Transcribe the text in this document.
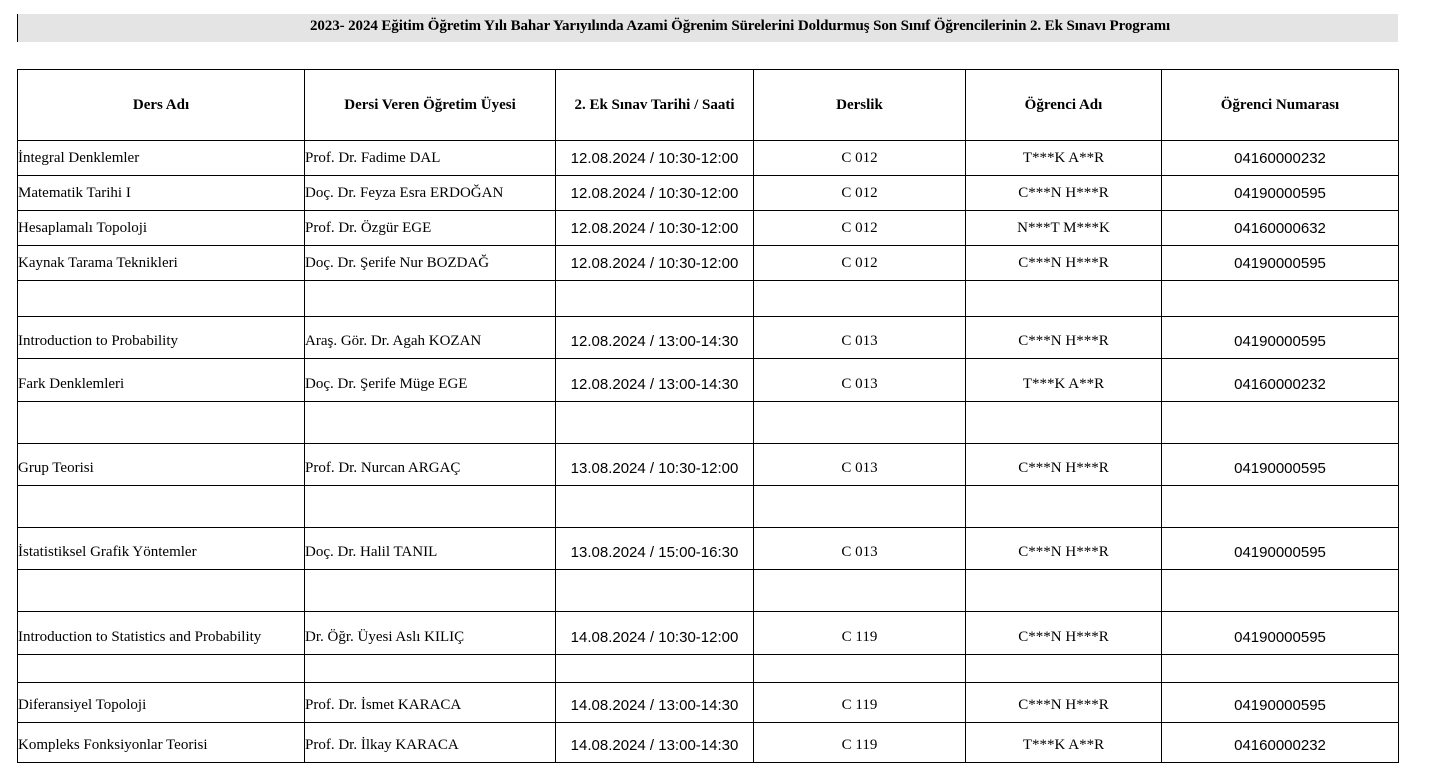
2023- 2024 Eğitim Öğretim Yılı Bahar Yarıyılında Azami Öğrenim Sürelerini Doldurmuş Son Sınıf Öğrencilerinin 2. Ek Sınavı Programı
Ders Adı	Dersi Veren Öğretim Üyesi	2. Ek Sınav Tarihi / Saati	Derslik	Öğrenci Adı	Öğrenci Numarası
İntegral Denklemler	Prof. Dr. Fadime DAL	12.08.2024 / 10:30-12:00	C 012	T***K A**R	04160000232
Matematik Tarihi I	Doç. Dr. Feyza Esra ERDOĞAN	12.08.2024 / 10:30-12:00	C 012	C***N H***R	04190000595
Hesaplamalı Topoloji	Prof. Dr. Özgür EGE	12.08.2024 / 10:30-12:00	C 012	N***T M***K	04160000632
Kaynak Tarama Teknikleri	Doç. Dr. Şerife Nur BOZDAĞ	12.08.2024 / 10:30-12:00	C 012	C***N H***R	04190000595

Introduction to Probability	Araş. Gör. Dr. Agah KOZAN	12.08.2024 / 13:00-14:30	C 013	C***N H***R	04190000595
Fark Denklemleri	Doç. Dr. Şerife Müge EGE	12.08.2024 / 13:00-14:30	C 013	T***K A**R	04160000232

Grup Teorisi	Prof. Dr. Nurcan ARGAÇ	13.08.2024 / 10:30-12:00	C 013	C***N H***R	04190000595

İstatistiksel Grafik Yöntemler	Doç. Dr. Halil TANIL	13.08.2024 / 15:00-16:30	C 013	C***N H***R	04190000595

Introduction to Statistics and Probability	Dr. Öğr. Üyesi Aslı KILIÇ	14.08.2024 / 10:30-12:00	C 119	C***N H***R	04190000595

Diferansiyel Topoloji	Prof. Dr. İsmet KARACA	14.08.2024 / 13:00-14:30	C 119	C***N H***R	04190000595
Kompleks Fonksiyonlar Teorisi	Prof. Dr. İlkay KARACA	14.08.2024 / 13:00-14:30	C 119	T***K A**R	04160000232
